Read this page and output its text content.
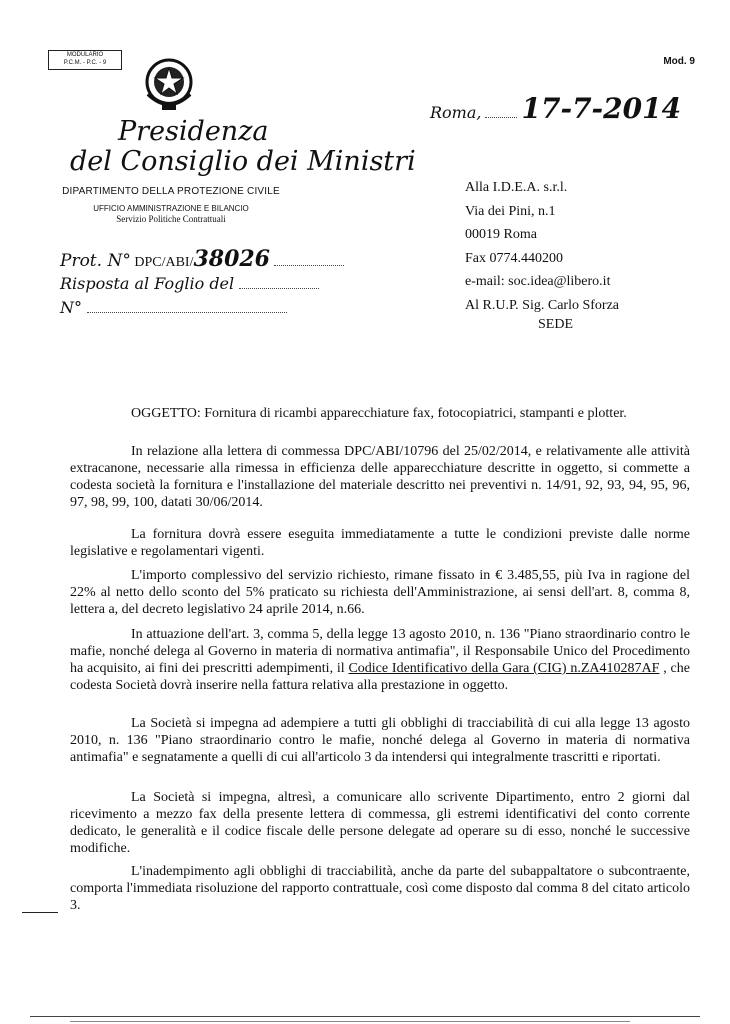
MODULARIO
P.C.M. - P.C. - 9	Mod. 9
Presidenza
del Consiglio dei Ministri
DIPARTIMENTO DELLA PROTEZIONE CIVILE
UFFICIO AMMINISTRAZIONE E BILANCIO
Servizio Politiche Contrattuali
Prot. N° DPC/ABI/38026
Risposta al Foglio del
N°
Roma, 17-7-2014
Alla I.D.E.A. s.r.l.
Via dei Pini, n.1
00019 Roma
Fax 0774.440200
e-mail: soc.idea@libero.it
Al R.U.P. Sig. Carlo Sforza
SEDE
OGGETTO: Fornitura di ricambi apparecchiature fax, fotocopiatrici, stampanti e plotter.

In relazione alla lettera di commessa DPC/ABI/10796 del 25/02/2014, e relativamente alle attività extracanone, necessarie alla rimessa in efficienza delle apparecchiature descritte in oggetto, si commette a codesta società la fornitura e l'installazione del materiale descritto nei preventivi n. 14/91, 92, 93, 94, 95, 96, 97, 98, 99, 100, datati 30/06/2014.

La fornitura dovrà essere eseguita immediatamente a tutte le condizioni previste dalle norme legislative e regolamentari vigenti.

L'importo complessivo del servizio richiesto, rimane fissato in € 3.485,55, più Iva in ragione del 22% al netto dello sconto del 5% praticato su richiesta dell'Amministrazione, ai sensi dell'art. 8, comma 8, lettera a, del decreto legislativo 24 aprile 2014, n.66.

In attuazione dell'art. 3, comma 5, della legge 13 agosto 2010, n. 136 "Piano straordinario contro le mafie, nonché delega al Governo in materia di normativa antimafia", il Responsabile Unico del Procedimento ha acquisito, ai fini dei prescritti adempimenti, il Codice Identificativo della Gara (CIG) n.ZA410287AF , che codesta Società dovrà inserire nella fattura relativa alla prestazione in oggetto.

La Società si impegna ad adempiere a tutti gli obblighi di tracciabilità di cui alla legge 13 agosto 2010, n. 136 "Piano straordinario contro le mafie, nonché delega al Governo in materia di normativa antimafia" e segnatamente a quelli di cui all'articolo 3 da intendersi qui integralmente trascritti e riportati.

La Società si impegna, altresì, a comunicare allo scrivente Dipartimento, entro 2 giorni dal ricevimento a mezzo fax della presente lettera di commessa, gli estremi identificativi del conto corrente dedicato, le generalità e il codice fiscale delle persone delegate ad operare su di esso, nonché le successive modifiche.

L'inadempimento agli obblighi di tracciabilità, anche da parte del subappaltatore o subcontraente, comporta l'immediata risoluzione del rapporto contrattuale, così come disposto dal comma 8 del citato articolo 3.
